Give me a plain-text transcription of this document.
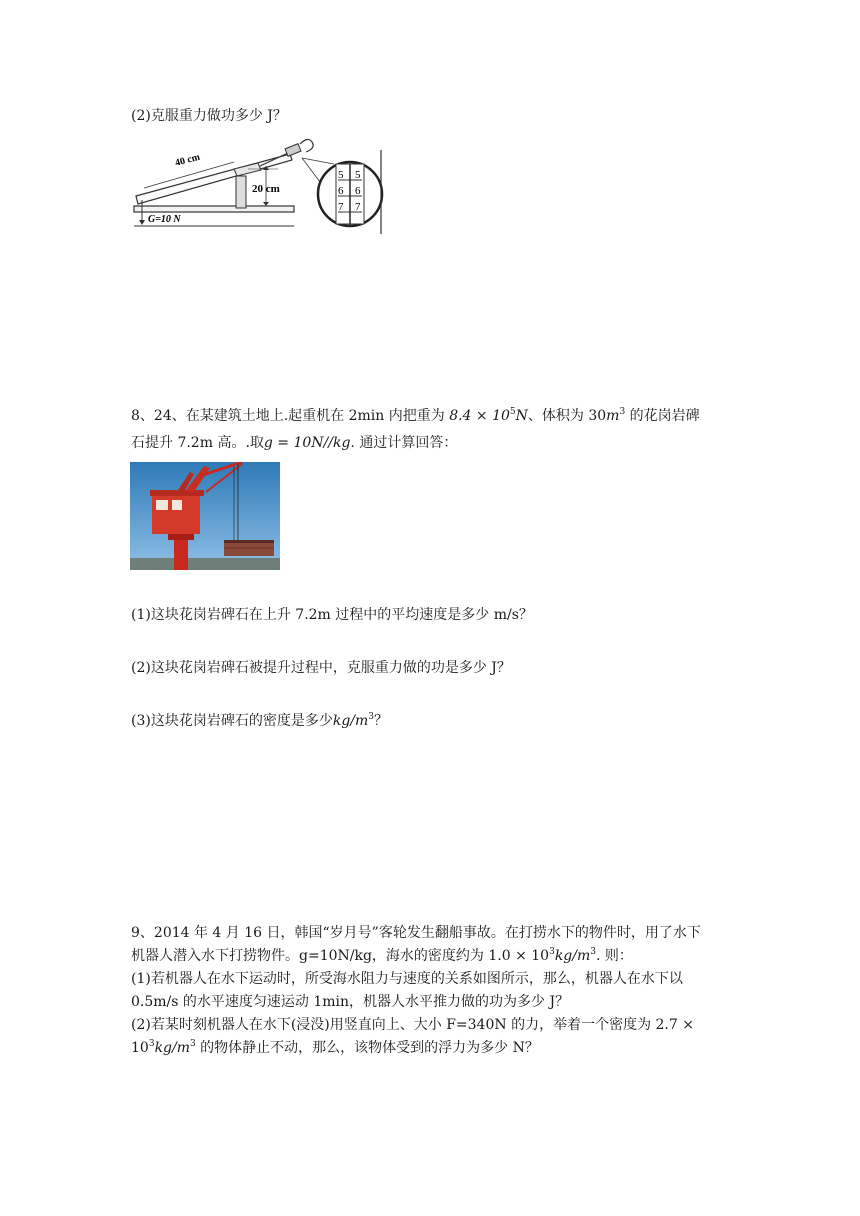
(2)克服重力做功多少 J？
40 cm
20 cm
G=10 N
5 5
6 6
7 7
8、24、在某建筑土地上.起重机在 2min 内把重为 $8.4 \times 10^5N$、体积为 $30m^3$ 的花岗岩碑
石提升 7.2m 高。.取g = 10N//kg. 通过计算回答：
(1)这块花岗岩碑石在上升 7.2m 过程中的平均速度是多少 m/s？
(2)这块花岗岩碑石被提升过程中，克服重力做的功是多少 J？
(3)这块花岗岩碑石的密度是多少$kg/m^3$？
9、2014 年 4 月 16 日，韩国“岁月号”客轮发生翻船事故。在打捞水下的物件时，用了水下
机器人潜入水下打捞物件。g=10N/kg，海水的密度约为 $1.0 \times 10^3kg/m^3$. 则：
(1)若机器人在水下运动时，所受海水阻力与速度的关系如图所示，那么，机器人在水下以
0.5m/s 的水平速度匀速运动 1min，机器人水平推力做的功为多少 J？
(2)若某时刻机器人在水下(浸没)用竖直向上、大小 F=340N 的力，举着一个密度为 2.7 ×
$10^3kg/m^3$ 的物体静止不动，那么，该物体受到的浮力为多少 N？
